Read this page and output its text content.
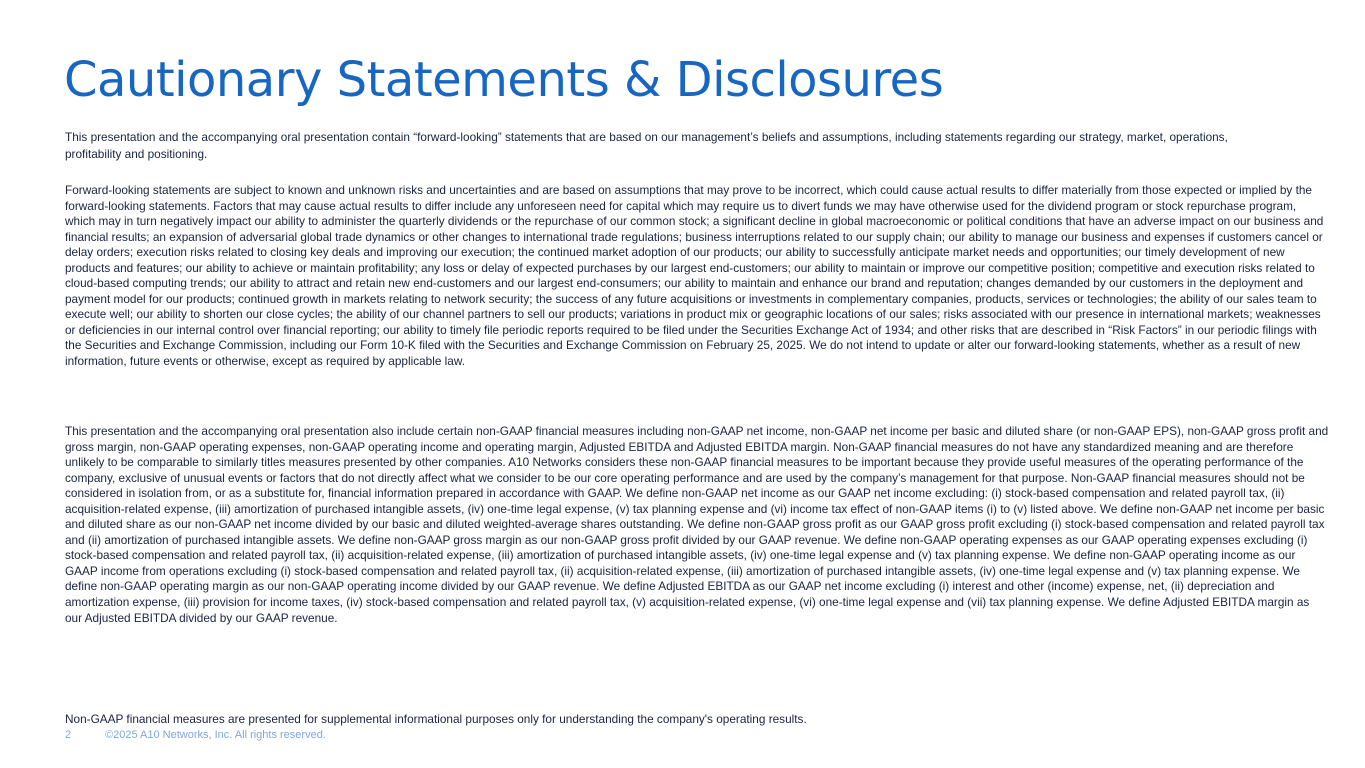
Cautionary Statements & Disclosures

This presentation and the accompanying oral presentation contain “forward-looking” statements that are based on our management’s beliefs and assumptions, including statements regarding our strategy, market, operations, profitability and positioning.

Forward-looking statements are subject to known and unknown risks and uncertainties and are based on assumptions that may prove to be incorrect, which could cause actual results to differ materially from those expected or implied by the forward-looking statements. Factors that may cause actual results to differ include any unforeseen need for capital which may require us to divert funds we may have otherwise used for the dividend program or stock repurchase program, which may in turn negatively impact our ability to administer the quarterly dividends or the repurchase of our common stock; a significant decline in global macroeconomic or political conditions that have an adverse impact on our business and financial results; an expansion of adversarial global trade dynamics or other changes to international trade regulations; business interruptions related to our supply chain; our ability to manage our business and expenses if customers cancel or delay orders; execution risks related to closing key deals and improving our execution; the continued market adoption of our products; our ability to successfully anticipate market needs and opportunities; our timely development of new products and features; our ability to achieve or maintain profitability; any loss or delay of expected purchases by our largest end-customers; our ability to maintain or improve our competitive position; competitive and execution risks related to cloud-based computing trends; our ability to attract and retain new end-customers and our largest end-consumers; our ability to maintain and enhance our brand and reputation; changes demanded by our customers in the deployment and payment model for our products; continued growth in markets relating to network security; the success of any future acquisitions or investments in complementary companies, products, services or technologies; the ability of our sales team to execute well; our ability to shorten our close cycles; the ability of our channel partners to sell our products; variations in product mix or geographic locations of our sales; risks associated with our presence in international markets; weaknesses or deficiencies in our internal control over financial reporting; our ability to timely file periodic reports required to be filed under the Securities Exchange Act of 1934; and other risks that are described in “Risk Factors” in our periodic filings with the Securities and Exchange Commission, including our Form 10-K filed with the Securities and Exchange Commission on February 25, 2025. We do not intend to update or alter our forward-looking statements, whether as a result of new information, future events or otherwise, except as required by applicable law.

This presentation and the accompanying oral presentation also include certain non-GAAP financial measures including non-GAAP net income, non-GAAP net income per basic and diluted share (or non-GAAP EPS), non-GAAP gross profit and gross margin, non-GAAP operating expenses, non-GAAP operating income and operating margin, Adjusted EBITDA and Adjusted EBITDA margin. Non-GAAP financial measures do not have any standardized meaning and are therefore unlikely to be comparable to similarly titles measures presented by other companies. A10 Networks considers these non-GAAP financial measures to be important because they provide useful measures of the operating performance of the company, exclusive of unusual events or factors that do not directly affect what we consider to be our core operating performance and are used by the company’s management for that purpose. Non-GAAP financial measures should not be considered in isolation from, or as a substitute for, financial information prepared in accordance with GAAP. We define non-GAAP net income as our GAAP net income excluding: (i) stock-based compensation and related payroll tax, (ii) acquisition-related expense, (iii) amortization of purchased intangible assets, (iv) one-time legal expense, (v) tax planning expense and (vi) income tax effect of non-GAAP items (i) to (v) listed above. We define non-GAAP net income per basic and diluted share as our non-GAAP net income divided by our basic and diluted weighted-average shares outstanding. We define non-GAAP gross profit as our GAAP gross profit excluding (i) stock-based compensation and related payroll tax and (ii) amortization of purchased intangible assets. We define non-GAAP gross margin as our non-GAAP gross profit divided by our GAAP revenue. We define non-GAAP operating expenses as our GAAP operating expenses excluding (i) stock-based compensation and related payroll tax, (ii) acquisition-related expense, (iii) amortization of purchased intangible assets, (iv) one-time legal expense and (v) tax planning expense. We define non-GAAP operating income as our GAAP income from operations excluding (i) stock-based compensation and related payroll tax, (ii) acquisition-related expense, (iii) amortization of purchased intangible assets, (iv) one-time legal expense and (v) tax planning expense. We define non-GAAP operating margin as our non-GAAP operating income divided by our GAAP revenue. We define Adjusted EBITDA as our GAAP net income excluding (i) interest and other (income) expense, net, (ii) depreciation and amortization expense, (iii) provision for income taxes, (iv) stock-based compensation and related payroll tax, (v) acquisition-related expense, (vi) one-time legal expense and (vii) tax planning expense. We define Adjusted EBITDA margin as our Adjusted EBITDA divided by our GAAP revenue.

Non-GAAP financial measures are presented for supplemental informational purposes only for understanding the company's operating results.

2	©2025 A10 Networks, Inc. All rights reserved.
